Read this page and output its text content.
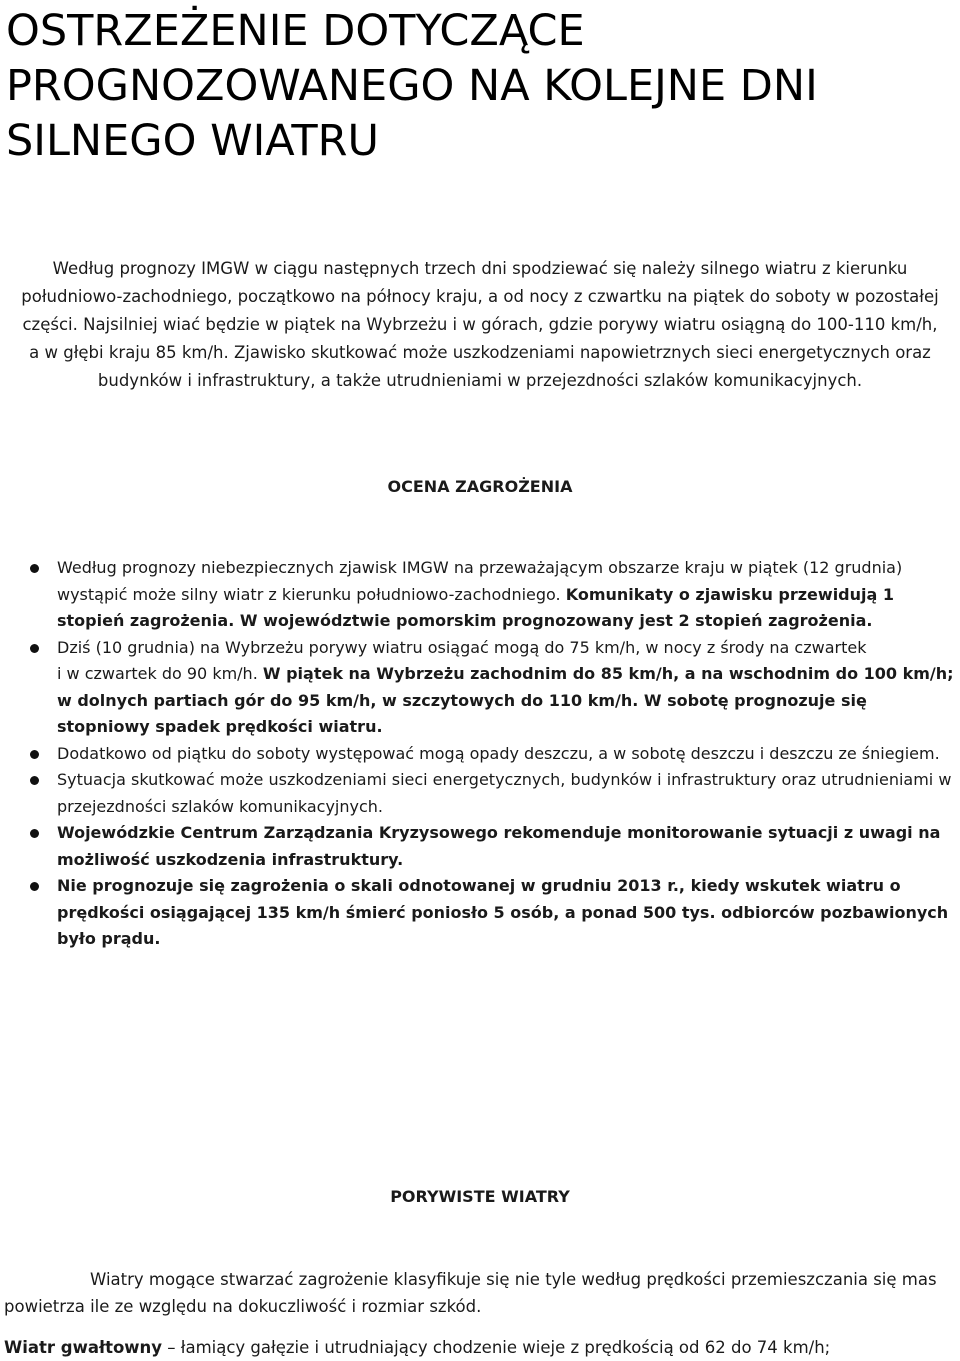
OSTRZEŻENIE DOTYCZĄCE PROGNOZOWANEGO NA KOLEJNE DNI SILNEGO WIATRU
Według prognozy IMGW w ciągu następnych trzech dni spodziewać się należy silnego wiatru z kierunku południowo-zachodniego, początkowo na północy kraju, a od nocy z czwartku na piątek do soboty w pozostałej części. Najsilniej wiać będzie w piątek na Wybrzeżu i w górach, gdzie porywy wiatru osiągną do 100-110 km/h,
a w głębi kraju 85 km/h. Zjawisko skutkować może uszkodzeniami napowietrznych sieci energetycznych oraz budynków i infrastruktury, a także utrudnieniami w przejezdności szlaków komunikacyjnych.
OCENA ZAGROŻENIA
Według prognozy niebezpiecznych zjawisk IMGW na przeważającym obszarze kraju w piątek (12 grudnia) wystąpić może silny wiatr z kierunku południowo-zachodniego. Komunikaty o zjawisku przewidują 1 stopień zagrożenia. W województwie pomorskim prognozowany jest 2 stopień zagrożenia.
Dziś (10 grudnia) na Wybrzeżu porywy wiatru osiągać mogą do 75 km/h, w nocy z środy na czwartek
i w czwartek do 90 km/h. W piątek na Wybrzeżu zachodnim do 85 km/h, a na wschodnim do 100 km/h; w dolnych partiach gór do 95 km/h, w szczytowych do 110 km/h. W sobotę prognozuje się stopniowy spadek prędkości wiatru.
Dodatkowo od piątku do soboty występować mogą opady deszczu, a w sobotę deszczu i deszczu ze śniegiem.
Sytuacja skutkować może uszkodzeniami sieci energetycznych, budynków i infrastruktury oraz utrudnieniami w przejezdności szlaków komunikacyjnych.
Wojewódzkie Centrum Zarządzania Kryzysowego rekomenduje monitorowanie sytuacji z uwagi na możliwość uszkodzenia infrastruktury.
Nie prognozuje się zagrożenia o skali odnotowanej w grudniu 2013 r., kiedy wskutek wiatru o prędkości osiągającej 135 km/h śmierć poniosło 5 osób, a ponad 500 tys. odbiorców pozbawionych było prądu.
PORYWISTE WIATRY

Wiatry mogące stwarzać zagrożenie klasyfikuje się nie tyle według prędkości przemieszczania się mas powietrza ile ze względu na dokuczliwość i rozmiar szkód.

Wiatr gwałtowny – łamiący gałęzie i utrudniający chodzenie wieje z prędkością od 62 do 74 km/h;
